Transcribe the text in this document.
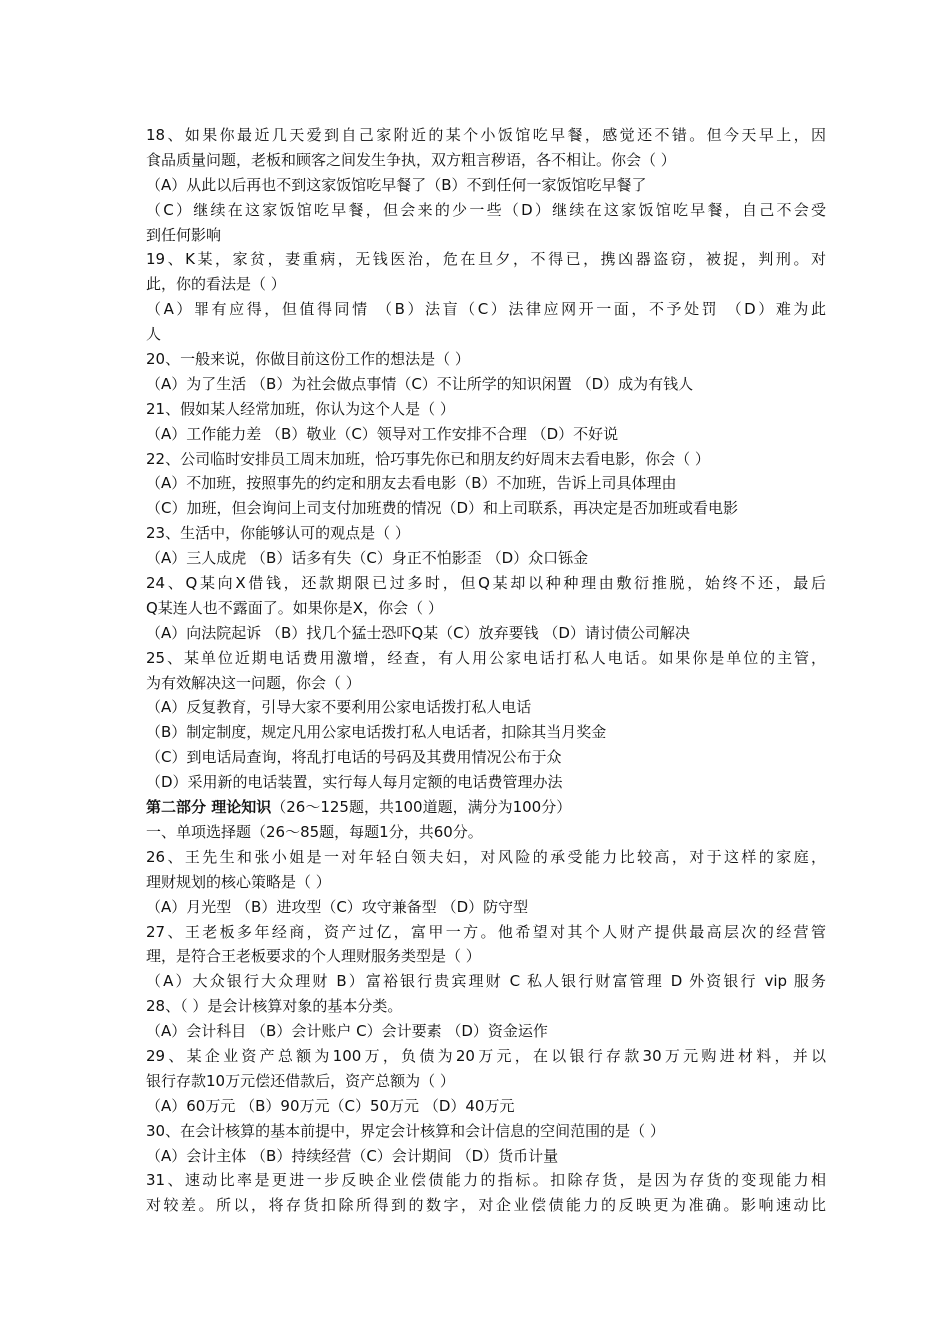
18、如果你最近几天爱到自己家附近的某个小饭馆吃早餐，感觉还不错。但今天早上，因
食品质量问题，老板和顾客之间发生争执，双方粗言秽语，各不相让。你会（ ）
（A）从此以后再也不到这家饭馆吃早餐了（B）不到任何一家饭馆吃早餐了
（C）继续在这家饭馆吃早餐，但会来的少一些（D）继续在这家饭馆吃早餐，自己不会受
到任何影响
19、K某，家贫，妻重病，无钱医治，危在旦夕，不得已，携凶器盗窃，被捉，判刑。对
此，你的看法是（ ）
（A）罪有应得，但值得同情 （B）法盲（C）法律应网开一面，不予处罚 （D）难为此
人
20、一般来说，你做目前这份工作的想法是（ ）
（A）为了生活 （B）为社会做点事情（C）不让所学的知识闲置 （D）成为有钱人
21、假如某人经常加班，你认为这个人是（ ）
（A）工作能力差 （B）敬业（C）领导对工作安排不合理 （D）不好说
22、公司临时安排员工周末加班，恰巧事先你已和朋友约好周末去看电影，你会（ ）
（A）不加班，按照事先的约定和朋友去看电影（B）不加班，告诉上司具体理由
（C）加班，但会询问上司支付加班费的情况（D）和上司联系，再决定是否加班或看电影
23、生活中，你能够认可的观点是（ ）
（A）三人成虎 （B）话多有失（C）身正不怕影歪 （D）众口铄金
24、Q某向X借钱，还款期限已过多时，但Q某却以种种理由敷衍推脱，始终不还，最后
Q某连人也不露面了。如果你是X，你会（ ）
（A）向法院起诉 （B）找几个猛士恐吓Q某（C）放弃要钱 （D）请讨债公司解决
25、某单位近期电话费用激增，经查，有人用公家电话打私人电话。如果你是单位的主管，
为有效解决这一问题，你会（ ）
（A）反复教育，引导大家不要利用公家电话拨打私人电话
（B）制定制度，规定凡用公家电话拨打私人电话者，扣除其当月奖金
（C）到电话局查询，将乱打电话的号码及其费用情况公布于众
（D）采用新的电话装置，实行每人每月定额的电话费管理办法
第二部分 理论知识（26～125题，共100道题，满分为100分）
一、单项选择题（26～85题，每题1分，共60分。
26、王先生和张小姐是一对年轻白领夫妇，对风险的承受能力比较高，对于这样的家庭，
理财规划的核心策略是（ ）
（A）月光型 （B）进攻型（C）攻守兼备型 （D）防守型
27、王老板多年经商，资产过亿，富甲一方。他希望对其个人财产提供最高层次的经营管
理，是符合王老板要求的个人理财服务类型是（ ）
（A）大众银行大众理财 B）富裕银行贵宾理财 C 私人银行财富管理 D 外资银行 vip 服务
28、（ ）是会计核算对象的基本分类。
（A）会计科目 （B）会计账户 C）会计要素 （D）资金运作
29、某企业资产总额为100万，负债为20万元，在以银行存款30万元购进材料，并以
银行存款10万元偿还借款后，资产总额为（ ）
（A）60万元 （B）90万元（C）50万元 （D）40万元
30、在会计核算的基本前提中，界定会计核算和会计信息的空间范围的是（ ）
（A）会计主体 （B）持续经营（C）会计期间 （D）货币计量
31、速动比率是更进一步反映企业偿债能力的指标。扣除存货，是因为存货的变现能力相
对较差。所以，将存货扣除所得到的数字，对企业偿债能力的反映更为准确。影响速动比
